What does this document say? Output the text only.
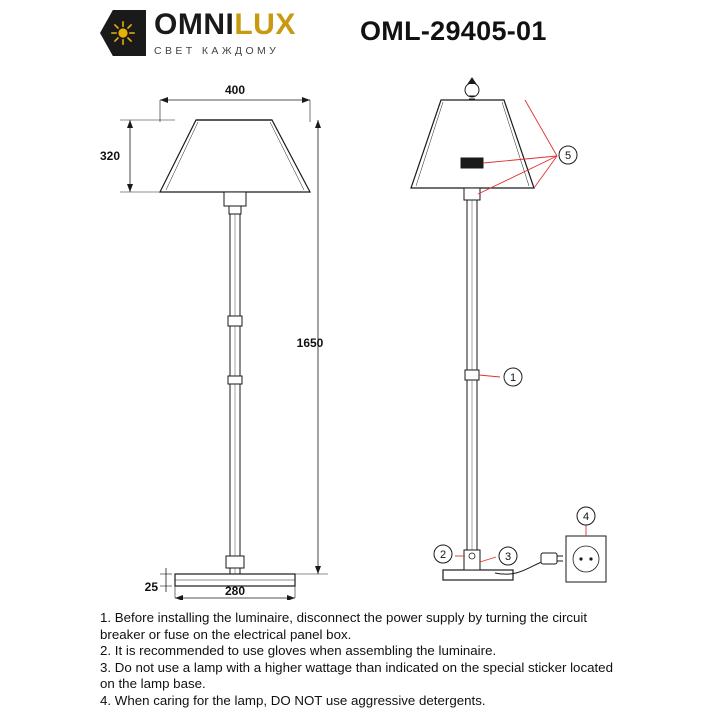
OMNILUX
СВЕТ КАЖДОМУ
OML-29405-01
1
2	3
4
5
400
320
1650
25	280

1. Before installing the luminaire, disconnect the power supply by turning the circuit breaker or fuse on the electrical panel box.

2. It is recommended to use gloves when assembling the luminaire.

3. Do not use a lamp with a higher wattage than indicated on the special sticker located on the lamp base.

4. When caring for the lamp, DO NOT use aggressive detergents.
